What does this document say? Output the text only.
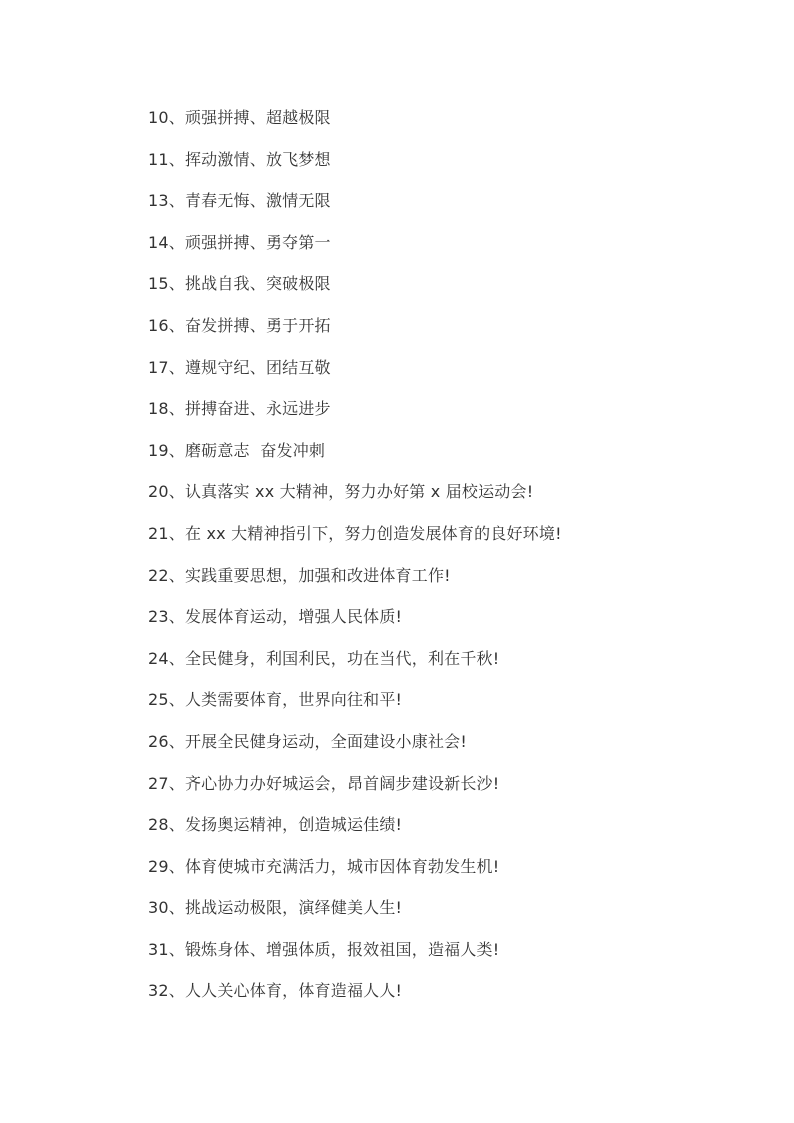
10、顽强拼搏、超越极限
11、挥动激情、放飞梦想
13、青春无悔、激情无限
14、顽强拼搏、勇夺第一
15、挑战自我、突破极限
16、奋发拼搏、勇于开拓
17、遵规守纪、团结互敬
18、拼搏奋进、永远进步
19、磨砺意志  奋发冲刺
20、认真落实 xx 大精神，努力办好第 x 届校运动会!
21、在 xx 大精神指引下，努力创造发展体育的良好环境!
22、实践重要思想，加强和改进体育工作!
23、发展体育运动，增强人民体质!
24、全民健身，利国利民，功在当代，利在千秋!
25、人类需要体育，世界向往和平!
26、开展全民健身运动，全面建设小康社会!
27、齐心协力办好城运会，昂首阔步建设新长沙!
28、发扬奥运精神，创造城运佳绩!
29、体育使城市充满活力，城市因体育勃发生机!
30、挑战运动极限，演绎健美人生!
31、锻炼身体、增强体质，报效祖国，造福人类!
32、人人关心体育，体育造福人人!
